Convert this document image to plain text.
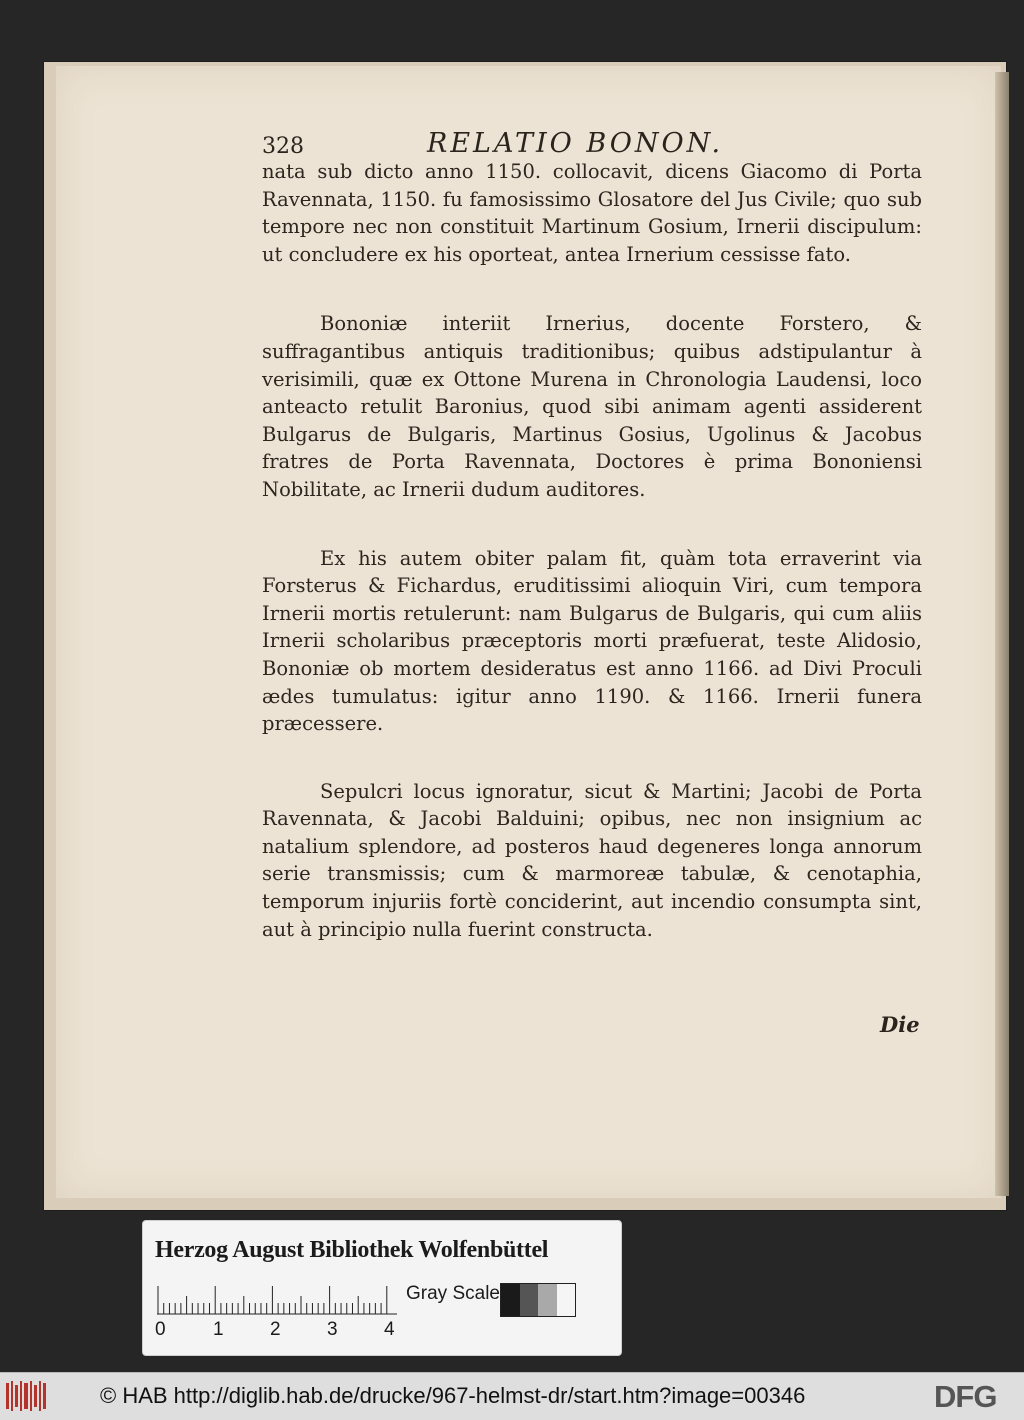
328	RELATIO BONON.

nata sub dicto anno 1150. collocavit, dicens Giacomo di Porta Ravennata, 1150. fu famosissimo Glosatore del Jus Civile; quo sub tempore nec non constituit Martinum Gosium, Irnerii discipulum: ut concludere ex his oporteat, antea Irnerium cessisse fato.

Bononiæ interiit Irnerius, docente Forstero, & suffragantibus antiquis traditionibus; quibus adstipulantur à verisimili, quæ ex Ottone Murena in Chronologia Laudensi, loco anteacto retulit Baronius, quod sibi animam agenti assiderent Bulgarus de Bulgaris, Martinus Gosius, Ugolinus & Jacobus fratres de Porta Ravennata, Doctores è prima Bononiensi Nobilitate, ac Irnerii dudum auditores.

Ex his autem obiter palam fit, quàm tota erraverint via Forsterus & Fichardus, eruditissimi alioquin Viri, cum tempora Irnerii mortis retulerunt: nam Bulgarus de Bulgaris, qui cum aliis Irnerii scholaribus præceptoris morti præfuerat, teste Alidosio, Bononiæ ob mortem desideratus est anno 1166. ad Divi Proculi ædes tumulatus: igitur anno 1190. & 1166. Irnerii funera præcessere.

Sepulcri locus ignoratur, sicut & Martini; Jacobi de Porta Ravennata, & Jacobi Balduini; opibus, nec non insignium ac natalium splendore, ad posteros haud degeneres longa annorum serie transmissis; cum & marmoreæ tabulæ, & cenotaphia, temporum injuriis fortè conciderint, aut incendio consumpta sint, aut à principio nulla fuerint constructa.

Die
Herzog August Bibliothek Wolfenbüttel
0 1 2 3 4
Gray Scale
© HAB http://diglib.hab.de/drucke/967-helmst-dr/start.htm?image=00346	DFG
